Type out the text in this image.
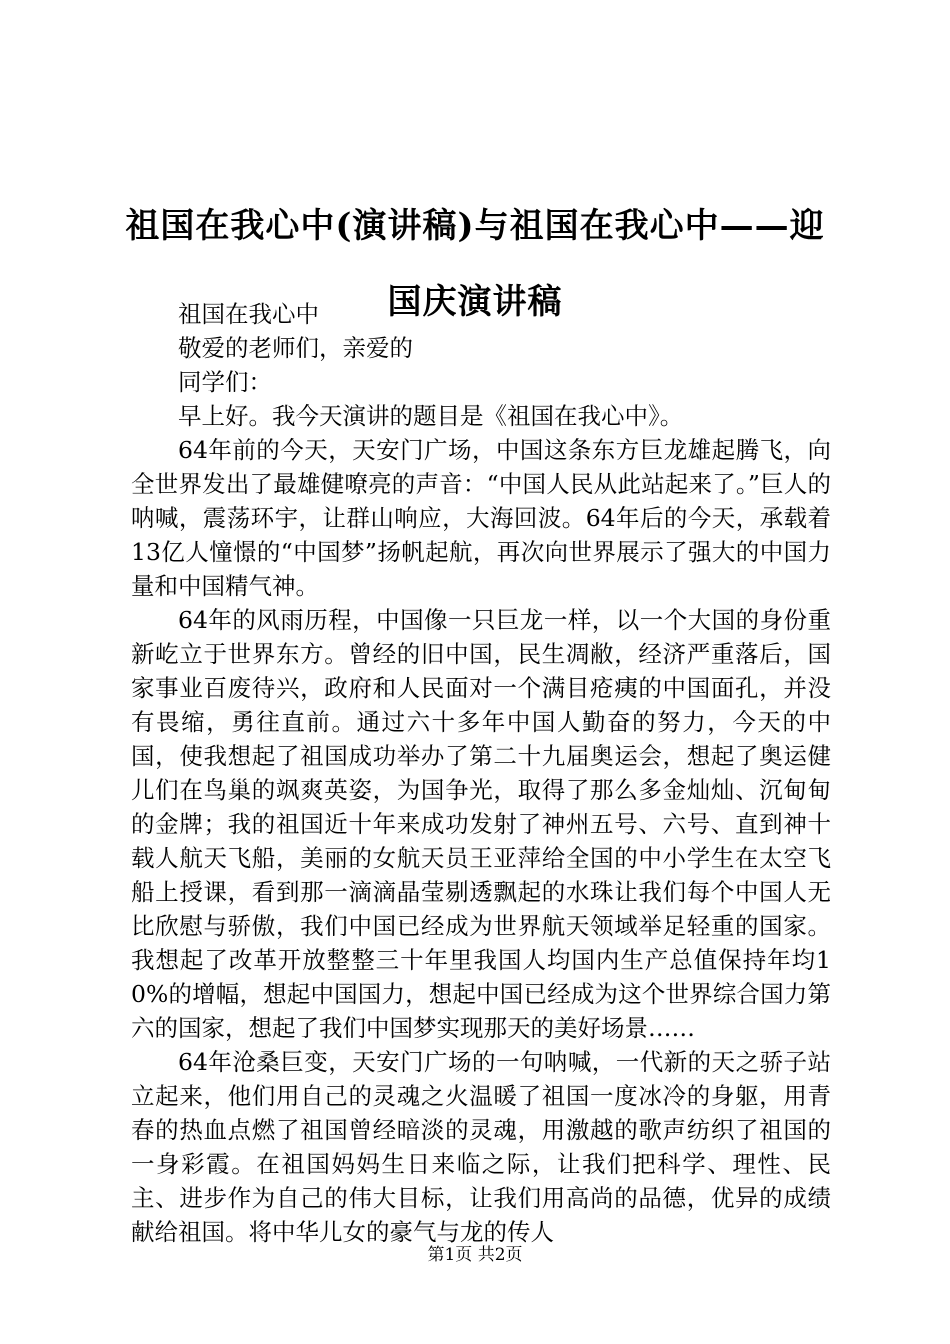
祖国在我心中(演讲稿)与祖国在我心中——迎国庆演讲稿

祖国在我心中

敬爱的老师们，亲爱的

同学们：

早上好。我今天演讲的题目是《祖国在我心中》。

64年前的今天，天安门广场，中国这条东方巨龙雄起腾飞，向全世界发出了最雄健嘹亮的声音：“中国人民从此站起来了。”巨人的呐喊，震荡环宇，让群山响应，大海回波。64年后的今天，承载着13亿人憧憬的“中国梦”扬帆起航，再次向世界展示了强大的中国力量和中国精气神。

64年的风雨历程，中国像一只巨龙一样，以一个大国的身份重新屹立于世界东方。曾经的旧中国，民生凋敝，经济严重落后，国家事业百废待兴，政府和人民面对一个满目疮痍的中国面孔，并没有畏缩，勇往直前。通过六十多年中国人勤奋的努力，今天的中国，使我想起了祖国成功举办了第二十九届奥运会，想起了奥运健儿们在鸟巢的飒爽英姿，为国争光，取得了那么多金灿灿、沉甸甸的金牌；我的祖国近十年来成功发射了神州五号、六号、直到神十载人航天飞船，美丽的女航天员王亚萍给全国的中小学生在太空飞船上授课，看到那一滴滴晶莹剔透飘起的水珠让我们每个中国人无比欣慰与骄傲，我们中国已经成为世界航天领域举足轻重的国家。我想起了改革开放整整三十年里我国人均国内生产总值保持年均10%的增幅，想起中国国力，想起中国已经成为这个世界综合国力第六的国家，想起了我们中国梦实现那天的美好场景……

64年沧桑巨变，天安门广场的一句呐喊，一代新的天之骄子站立起来，他们用自己的灵魂之火温暖了祖国一度冰冷的身躯，用青春的热血点燃了祖国曾经暗淡的灵魂，用激越的歌声纺织了祖国的一身彩霞。在祖国妈妈生日来临之际，让我们把科学、理性、民主、进步作为自己的伟大目标，让我们用高尚的品德，优异的成绩献给祖国。将中华儿女的豪气与龙的传人

第1页 共2页
